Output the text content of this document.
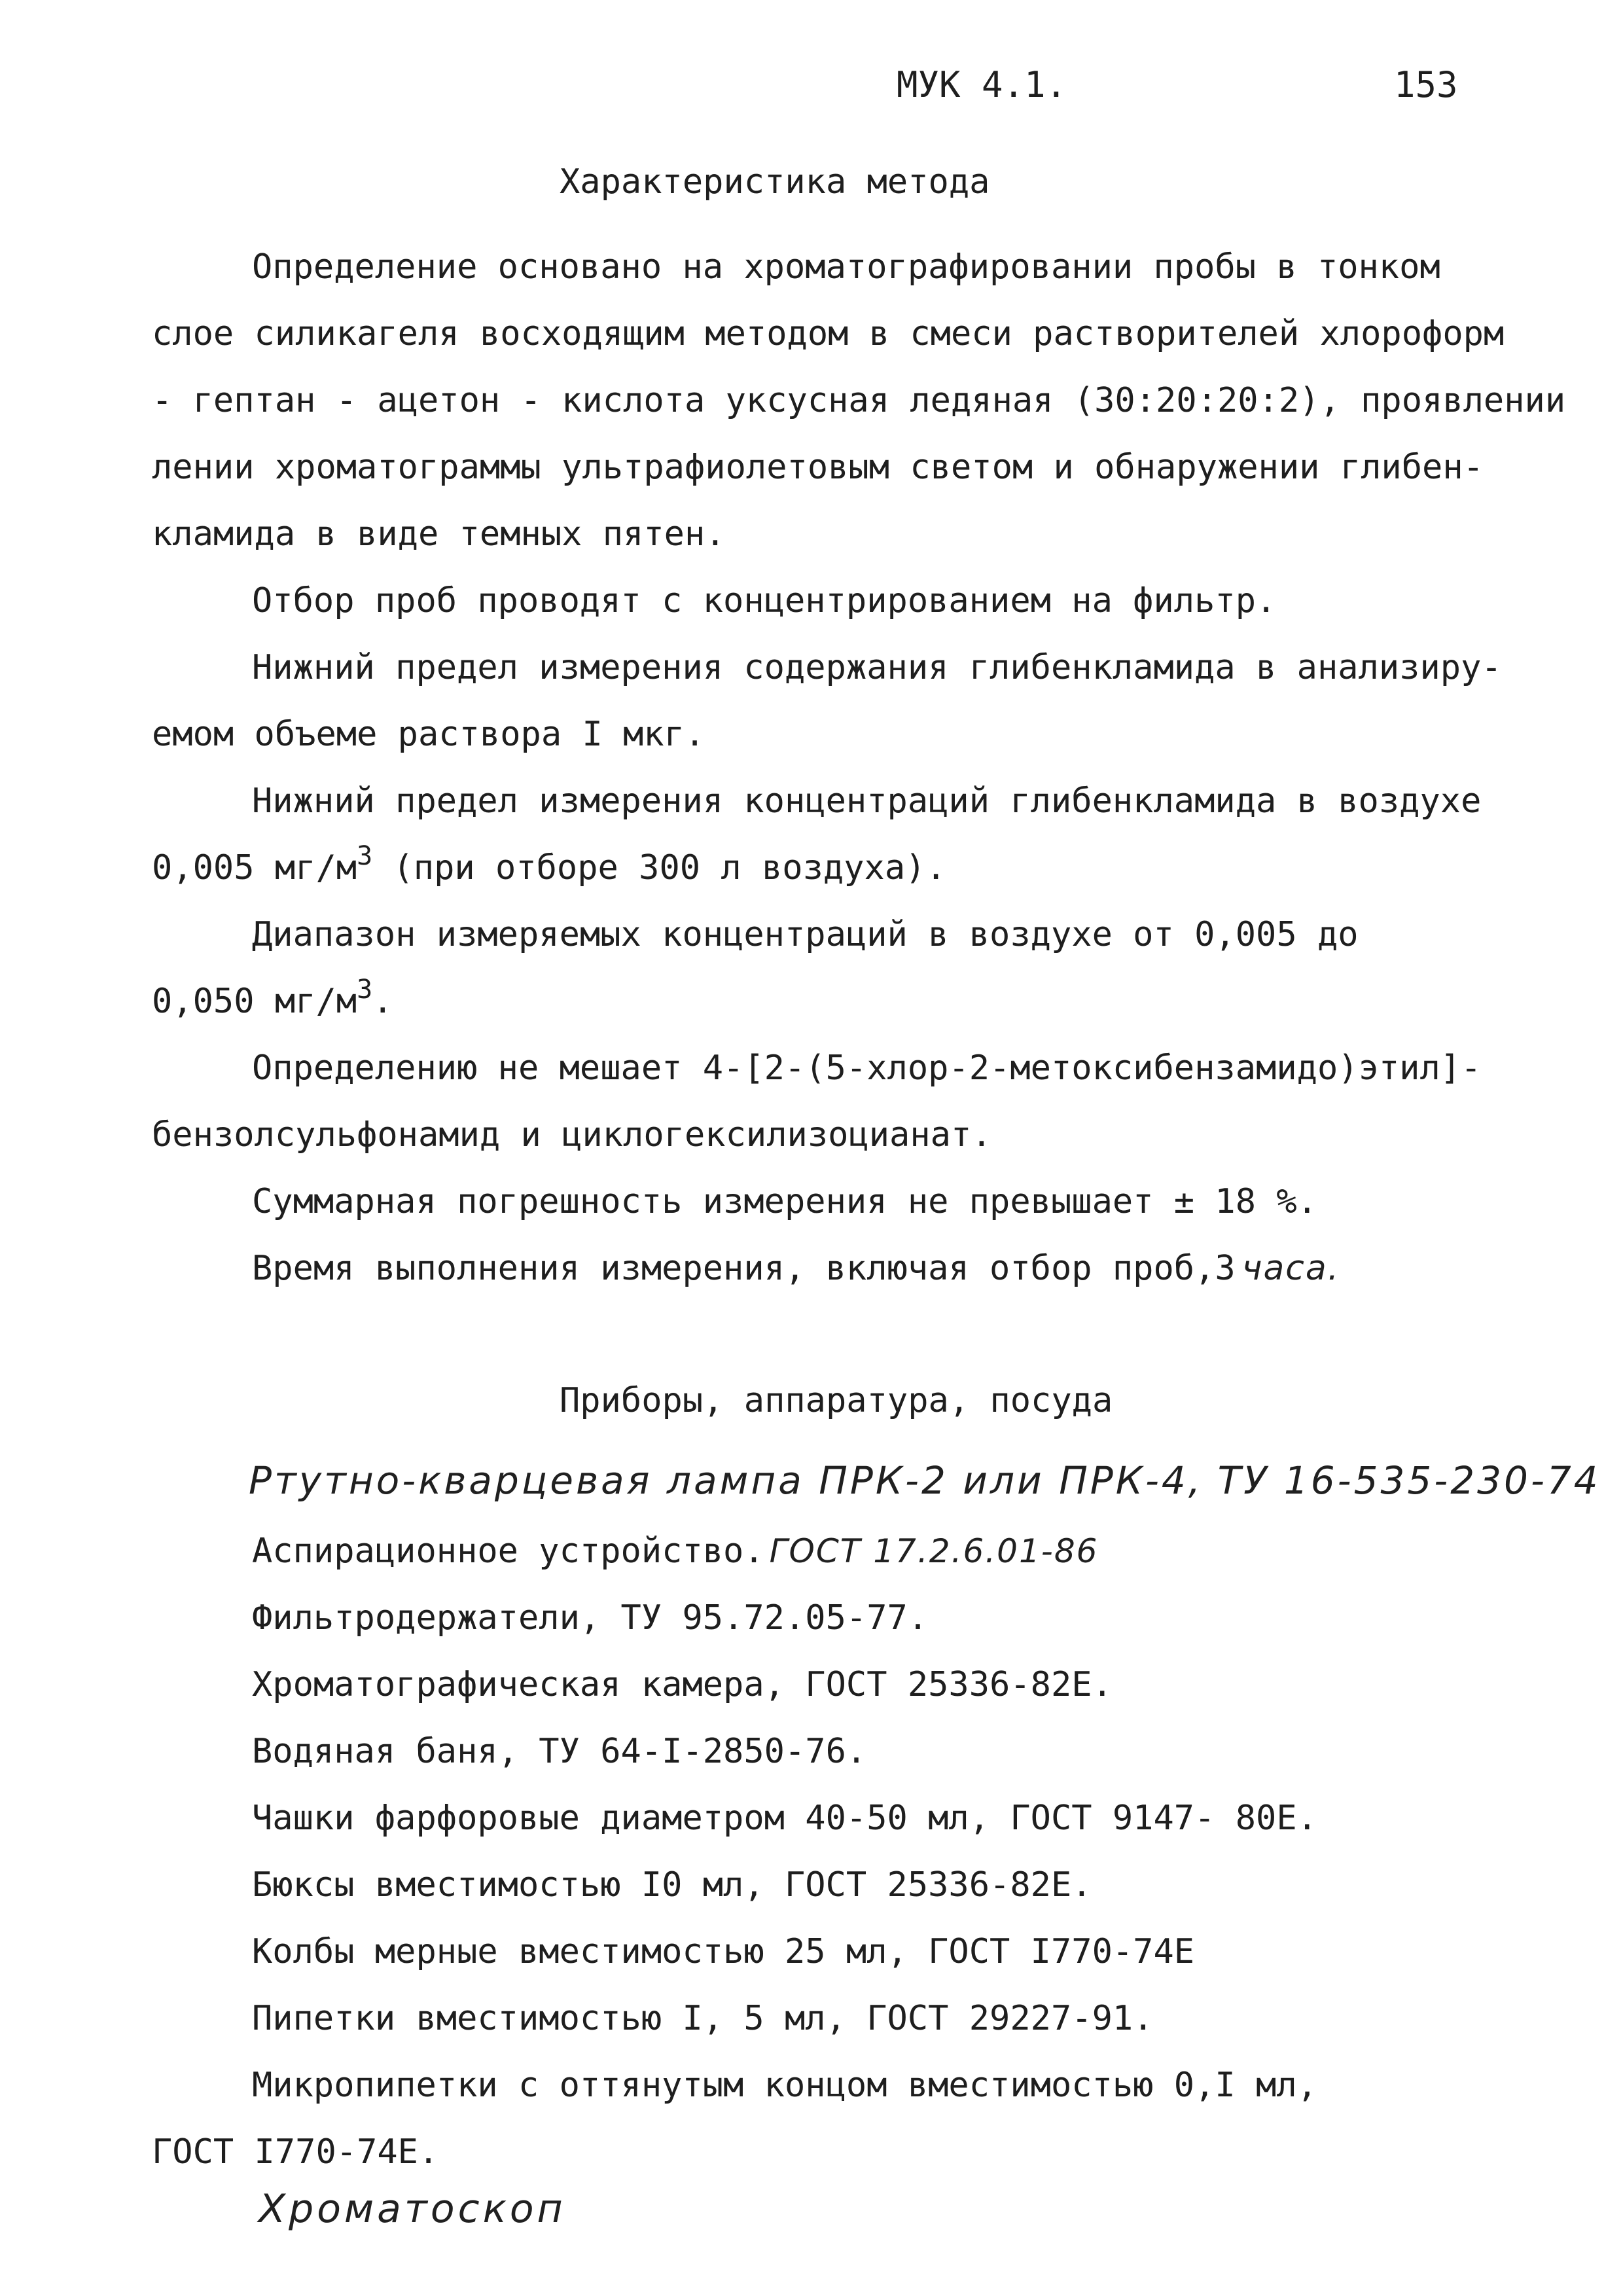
МУК 4.1.	153
Характеристика метода
Определение основано на хроматографировании пробы в тонком
слое силикагеля восходящим методом в смеси растворителей хлороформ
- гептан - ацетон - кислота уксусная ледяная (30:20:20:2), проявлении
лении хроматограммы ультрафиолетовым светом и обнаружении глибен-
кламида в виде темных пятен.
Отбор проб проводят с концентрированием на фильтр.
Нижний предел измерения содержания глибенкламида в анализиру-
емом объеме раствора I мкг.
Нижний предел измерения концентраций глибенкламида в воздухе
0,005 $мг/м^3$ (при отборе 300 л воздуха).
Диапазон измеряемых концентраций в воздухе от 0,005 до
0,050 $мг/м^3$.
Определению не мешает 4-[2-(5-хлор-2-метоксибензамидо)этил]-
бензолсульфонамид и циклогексилизоцианат.
Суммарная погрешность измерения не превышает ± 18 %.
Время выполнения измерения, включая отбор проб,3 часа.
Приборы, аппаратура, посуда
Ртутно-кварцевая лампа ПРК-2 или ПРК-4, ТУ 16-535-230-74
Аспирационное устройство. ГОСТ 17.2.6.01-86
Фильтродержатели, ТУ 95.72.05-77.
Хроматографическая камера, ГОСТ 25336-82Е.
Водяная баня, ТУ 64-I-2850-76.
Чашки фарфоровые диаметром 40-50 мл, ГОСТ 9147- 80Е.
Бюксы вместимостью I0 мл, ГОСТ 25336-82Е.
Колбы мерные вместимостью 25 мл, ГОСТ I770-74Е
Пипетки вместимостью I, 5 мл, ГОСТ 29227-91.
Микропипетки с оттянутым концом вместимостью 0,I мл,
ГОСТ I770-74Е.
Хроматоскоп
